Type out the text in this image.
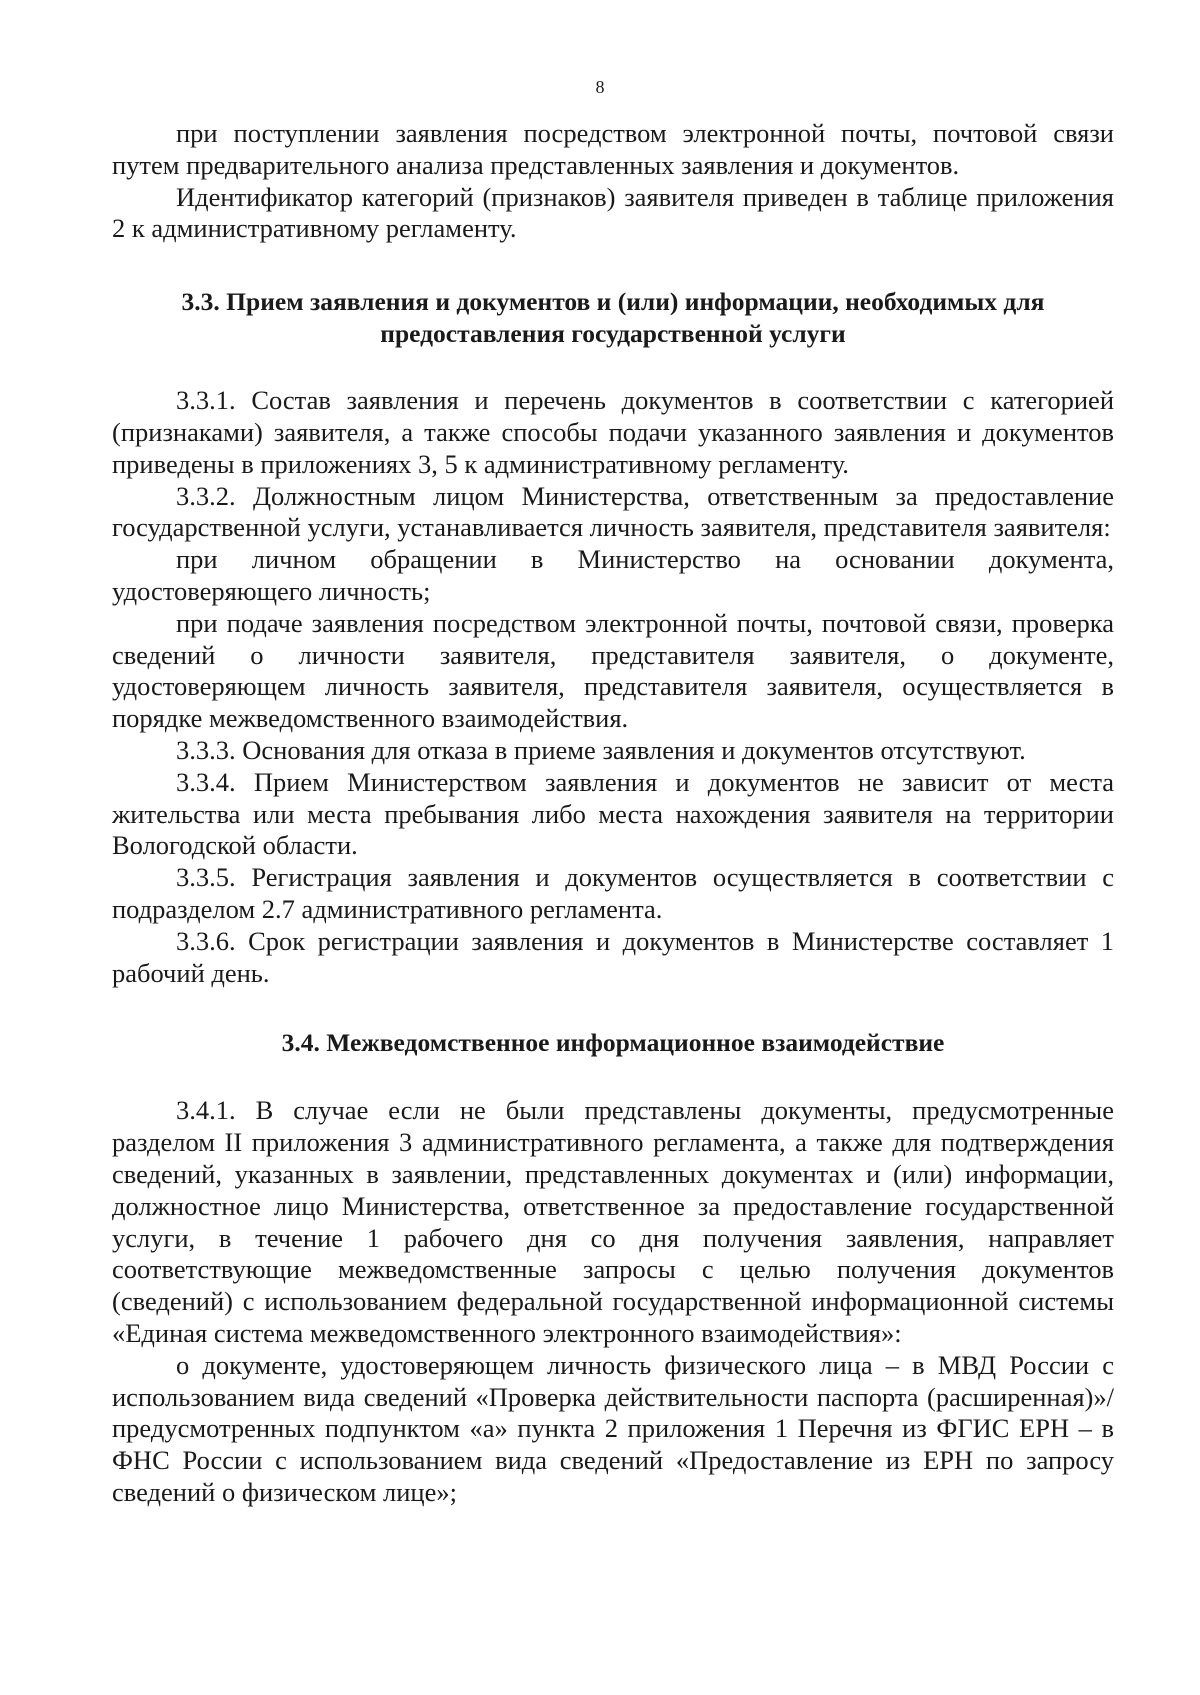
8

при поступлении заявления посредством электронной почты, почтовой связи путем предварительного анализа представленных заявления и документов.

Идентификатор категорий (признаков) заявителя приведен в таблице приложения 2 к административному регламенту.

3.3. Прием заявления и документов и (или) информации, необходимых для предоставления государственной услуги

3.3.1. Состав заявления и перечень документов в соответствии с категорией (признаками) заявителя, а также способы подачи указанного заявления и документов приведены в приложениях 3, 5 к административному регламенту.

3.3.2. Должностным лицом Министерства, ответственным за предоставление государственной услуги, устанавливается личность заявителя, представителя заявителя:

при личном обращении в Министерство на основании документа, удостоверяющего личность;

при подаче заявления посредством электронной почты, почтовой связи, проверка сведений о личности заявителя, представителя заявителя, о документе, удостоверяющем личность заявителя, представителя заявителя, осуществляется в порядке межведомственного взаимодействия.

3.3.3. Основания для отказа в приеме заявления и документов отсутствуют.

3.3.4. Прием Министерством заявления и документов не зависит от места жительства или места пребывания либо места нахождения заявителя на территории Вологодской области.

3.3.5. Регистрация заявления и документов осуществляется в соответствии с подразделом 2.7 административного регламента.

3.3.6. Срок регистрации заявления и документов в Министерстве составляет 1 рабочий день.

3.4. Межведомственное информационное взаимодействие

3.4.1. В случае если не были представлены документы, предусмотренные разделом II приложения 3 административного регламента, а также для подтверждения сведений, указанных в заявлении, представленных документах и (или) информации, должностное лицо Министерства, ответственное за предоставление государственной услуги, в течение 1 рабочего дня со дня получения заявления, направляет соответствующие межведомственные запросы с целью получения документов (сведений) с использованием федеральной государственной информационной системы «Единая система межведомственного электронного взаимодействия»:

о документе, удостоверяющем личность физического лица – в МВД России с использованием вида сведений «Проверка действительности паспорта (расширенная)»/предусмотренных подпунктом «а» пункта 2 приложения 1 Перечня из ФГИС ЕРН – в ФНС России с использованием вида сведений «Предоставление из ЕРН по запросу сведений о физическом лице»;
